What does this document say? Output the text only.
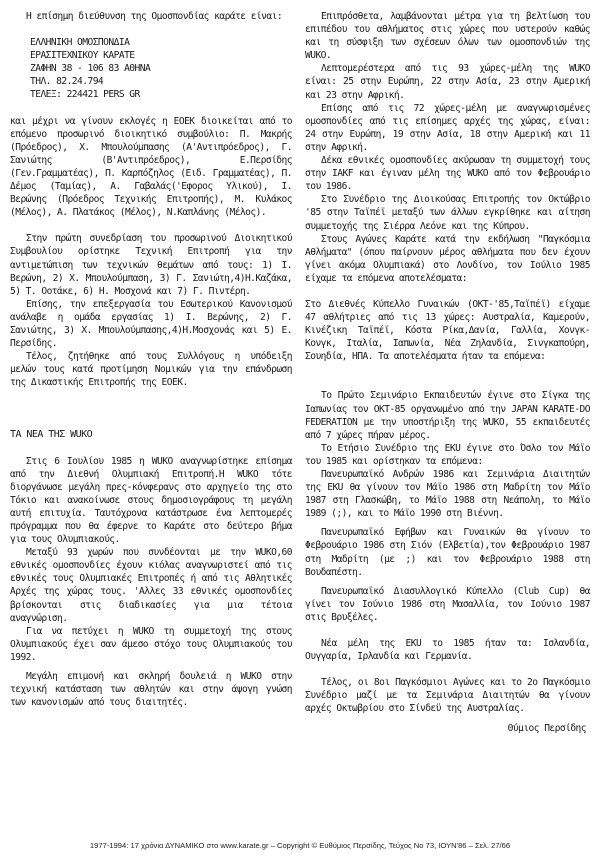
Η επίσημη διεύθυνση της Ομοσπονδίας καράτε είναι:

ΕΛΛΗΝΙΚΗ ΟΜΟΣΠΟΝΔΙΑ
ΕΡΑΣΙΤΕΧΝΙΚΟΥ ΚΑΡΑΤΕ
ΖΑΦΗΝ 38 - 106 83 ΑΘΗΝΑ
ΤΗΛ. 82.24.794
ΤΕΛΕΞ: 224421 PERS GR

και μέχρι να γίνουν εκλογές η ΕΟΕΚ διοικείται από το επόμενο προσωρινό διοικητικό συμβούλιο: Π. Μακρής (Πρόεδρος), Χ. Μπουλούμπασης (Α'Αντιπρόεδρος), Γ. Σανιώτης (Β'Αντιπρόεδρος), Ε.Περσίδης (Γεν.Γραμματέας), Π. Καρπόζηλος (Ειδ. Γραμματέας), Π. Δέμος (Ταμίας), Α. Γαβαλάς('Εφορος Υλικού), Ι. Βερώνης (Πρόεδρος Τεχνικής Επιτροπής), Μ. Κυλάκος (Μέλος), Α. Πλατάκος (Μέλος), Ν.Καπλάνης (Μέλος).

Στην πρώτη συνεδρίαση του προσωρινού Διοικητικού Συμβουλίου ορίστηκε Τεχνική Επιτροπή για την αντιμετώπιση των τεχνικών θεμάτων από τους: 1) Ι. Βερώνη, 2) Χ. Μπουλούμπαση, 3) Γ. Σανιώτη,4)Η.Καζάκα, 5) Τ. Οοτάκε, 6) Η. Μοσχονά και 7) Γ. Πιντέρη.

Επίσης, την επεξεργασία του Εσωτερικού Κανονισμού ανάλαβε η ομάδα εργασίας 1) Ι. Βερώνης, 2) Γ. Σανιώτης, 3) Χ. Μπουλούμπασης,4)Η.Μοσχονάς και 5) Ε. Περσίδης.

Τέλος, ζητήθηκε από τους Συλλόγους η υπόδειξη μελών τους κατά προτίμηση Νομικών για την επάνδρωση της Δικαστικής Επιτροπής της ΕΟΕΚ.

ΤΑ ΝΕΑ ΤΗΣ WUKO

Στις 6 Ιουλίου 1985 η WUKO αναγνωρίστηκε επίσημα από την Διεθνή Ολυμπιακή Επιτροπή.Η WUKO τότε διοργάνωσε μεγάλη πρες-κόνφερανς στο αρχηγείο της στο Τόκιο και ανακοίνωσε στους δημοσιογράφους τη μεγάλη αυτή επιτυχία. Ταυτόχρονα κατάστρωσε ένα λεπτομερές πρόγραμμα που θα έφερνε το Καράτε στο δεύτερο βήμα για τους Ολυμπιακούς.

Μεταξύ 93 χωρών που συνδέονται με την WUKO,60 εθνικές ομοσπονδίες έχουν κιόλας αναγνωριστεί από τις εθνικές τους Ολυμπιακές Επιτροπές ή από τις Αθλητικές Αρχές της χώρας τους. 'Αλλες 33 εθνικές ομοσπονδίες βρίσκονται στις διαδικασίες για μια τέτοια αναγνώριση.

Για να πετύχει η WUKO τη συμμετοχή της στους Ολυμπιακούς έχει σαν άμεσο στόχο τους Ολυμπιακούς του 1992.

Μεγάλη επιμονή και σκληρή δουλειά η WUKO στην τεχνική κατάσταση των αθλητών και στην άψογη γνώση των κανονισμών από τους διαιτητές.

Επιπρόσθετα, λαμβάνονται μέτρα για τη βελτίωση του επιπέδου του αθλήματος στις χώρες που υστερούν καθώς και τη σύσφιξη των σχέσεων όλων των ομοσπονδιών της WUKO.

Λεπτομερέστερα από τις 93 χώρες-μέλη της WUKO είναι: 25 στην Ευρώπη, 22 στην Ασία, 23 στην Αμερική και 23 στην Αφρική.

Επίσης από τις 72 χώρες-μέλη με αναγνωρισμένες ομοσπονδίες από τις επίσημες αρχές της χώρας, είναι: 24 στην Ευρώπη, 19 στην Ασία, 18 στην Αμερική και 11 στην Αφρική.

Δέκα εθνικές ομοσπονδίες ακύρωσαν τη συμμετοχή τους στην IAKF και έγιναν μέλη της WUKO από τον Φεβρουάριο του 1986.

Στο Συνέδριο της Διοικούσας Επιτροπής τον Οκτώβριο '85 στην Ταϊπέϊ μεταξύ των άλλων εγκρίθηκε και αίτηση συμμετοχής της Σιέρρα Λεόνε και της Κύπρου.

Στους Αγώνες Καράτε κατά την εκδήλωση "Παγκόσμια Αθλήματα" (όπου παίρνουν μέρος αθλήματα που δεν έχουν γίνει ακόμα Ολυμπιακά) στο Λονδίνο, τον Ιούλιο 1985 είχαμε τα επόμενα αποτελέσματα:

Στο Διεθνές Κύπελλο Γυναικών (ΟΚΤ-'85,Ταϊπέϊ) είχαμε 47 αθλήτριες από τις 13 χώρες: Αυστραλία, Καμερούν, Κινέζικη Ταϊπέϊ, Κόστα Ρίκα,Δανία, Γαλλία, Χονγκ-Κονγκ, Ιταλία, Ιαπωνία, Νέα Ζηλανδία, Σινγκαπούρη, Σουηδία, ΗΠΑ. Τα αποτελέσματα ήταν τα επόμενα:

Το Πρώτο Σεμινάριο Εκπαιδευτών έγινε στο Σίγκα της Ιαπωνίας τον ΟΚΤ-85 οργανωμένο από την JAPAN KARATE-DO FEDERATION με την υποστήριξη της WUKO, 55 εκπαιδευτές από 7 χώρες πήραν μέρος.

Το Ετήσιο Συνέδριο της EKU έγινε στο Όσλο τον Μάϊο του 1985 και ορίστηκαν τα επόμενα:

Πανευρωπαϊκό Ανδρών 1986 και Σεμινάρια Διαιτητών της EKU θα γίνουν τον Μάϊο 1986 στη Μαδρίτη τον Μάϊο 1987 στη Γλασκώβη, το Μάϊο 1988 στη Νεάπολη, το Μάϊο 1989 (;), και το Μάϊο 1990 στη Βιέννη.

Πανευρωπαϊκό Εφήβων και Γυναικών θα γίνουν το Φεβρουάριο 1986 στη Σιόν (Ελβετία),τον Φεβρουάριο 1987 στη Μαδρίτη (με ;) και τον Φεβρουάριο 1988 στη Βουδαπέστη.

Πανευρωπαϊκό Διασυλλογικό Κύπελλο (Club Cup) θα γίνει τον Ιούνιο 1986 στη Μασαλλία, τον Ιούνιο 1987 στις Βρυξέλες.

Νέα μέλη της EKU το 1985 ήταν τα: Ισλανδία, Ουγγαρία, Ιρλανδία και Γερμανία.

Τέλος, οι 8οι Παγκόσμιοι Αγώνες και το 2ο Παγκόσμιο Συνέδριο μαζί με τα Σεμινάρια Διαιτητών θα γίνουν αρχές Οκτωβρίου στο Σίνδεϋ της Αυστραλίας.

Θύμιος Περσίδης
1977-1994: 17 χρόνια ΔΥΝΑΜΙΚΟ στο www.karate.gr – Copyright © Ευθύμιος Περσίδης, Τεύχος Νο 73, ΙΟΥΝ'86 – Σελ. 27/66
